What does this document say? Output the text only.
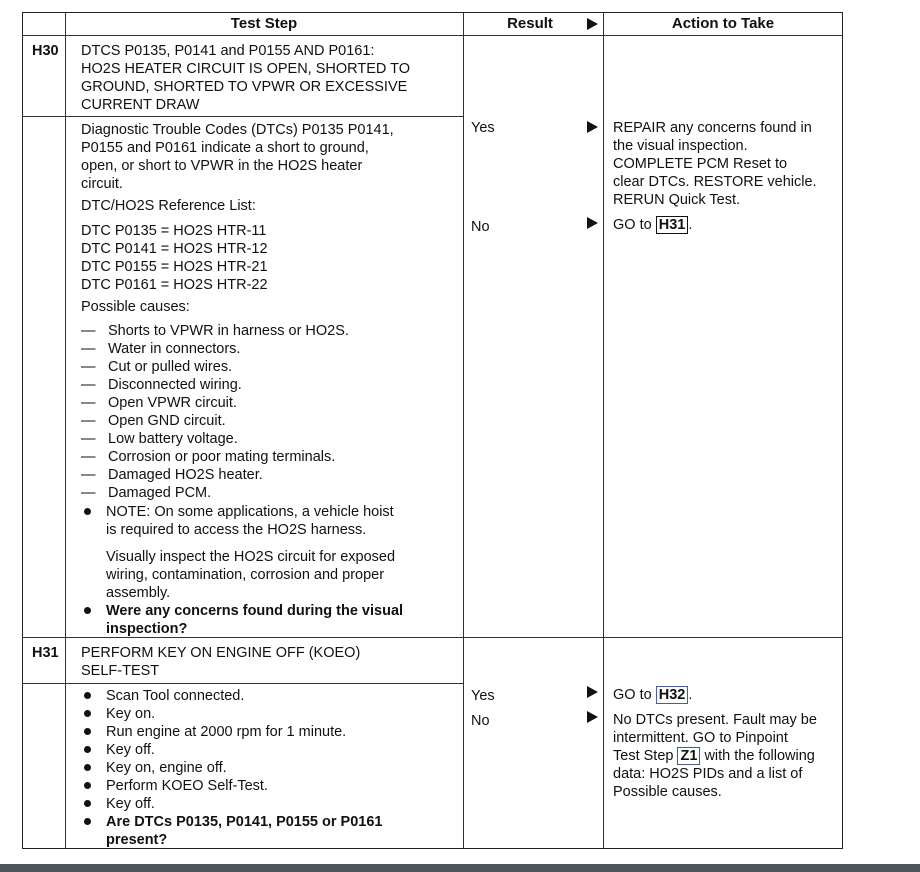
Test Step	Result	Action to Take
H30 DTCS P0135, P0141 and P0155 AND P0161:
HO2S HEATER CIRCUIT IS OPEN, SHORTED TO
GROUND, SHORTED TO VPWR OR EXCESSIVE
CURRENT DRAW
Diagnostic Trouble Codes (DTCs) P0135 P0141,
P0155 and P0161 indicate a short to ground,
open, or short to VPWR in the HO2S heater
circuit.
DTC/HO2S Reference List:
DTC P0135 = HO2S HTR-11
DTC P0141 = HO2S HTR-12
DTC P0155 = HO2S HTR-21
DTC P0161 = HO2S HTR-22
Possible causes:
— Shorts to VPWR in harness or HO2S.
— Water in connectors.
— Cut or pulled wires.
— Disconnected wiring.
— Open VPWR circuit.
— Open GND circuit.
— Low battery voltage.
— Corrosion or poor mating terminals.
— Damaged HO2S heater.
— Damaged PCM.
NOTE: On some applications, a vehicle hoist
is required to access the HO2S harness.
Visually inspect the HO2S circuit for exposed
wiring, contamination, corrosion and proper
assembly.
Were any concerns found during the visual
inspection?
Yes
No
REPAIR any concerns found in
the visual inspection.
COMPLETE PCM Reset to
clear DTCs. RESTORE vehicle.
RERUN Quick Test.
GO to H31 .
H31 PERFORM KEY ON ENGINE OFF (KOEO)
SELF-TEST
Scan Tool connected.
Key on.
Run engine at 2000 rpm for 1 minute.
Key off.
Key on, engine off.
Perform KOEO Self-Test.
Key off.
Are DTCs P0135, P0141, P0155 or P0161
present?
Yes
No
GO to H32 .
No DTCs present. Fault may be
intermittent. GO to Pinpoint
Test Step Z1 with the following
data: HO2S PIDs and a list of
Possible causes.
